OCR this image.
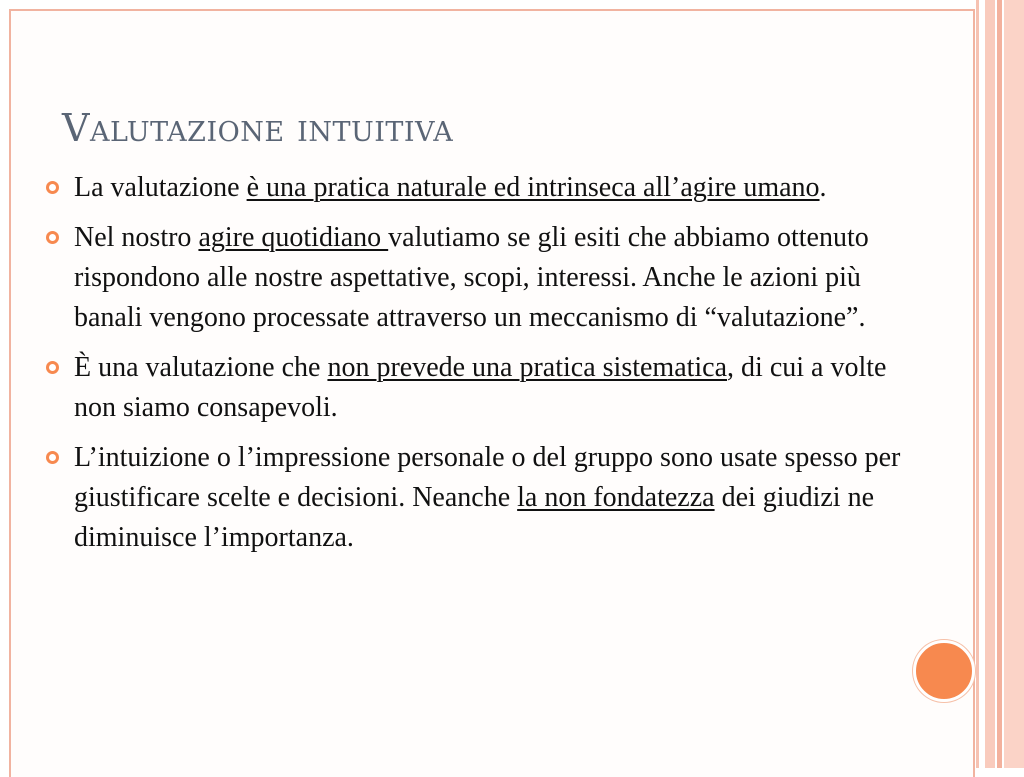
Valutazione intuitiva
La valutazione è una pratica naturale ed intrinseca all’agire umano.
Nel nostro agire quotidiano valutiamo se gli esiti che abbiamo ottenuto rispondono alle nostre aspettative, scopi, interessi. Anche le azioni più banali vengono processate attraverso un meccanismo di “valutazione”.
È una valutazione che non prevede una pratica sistematica, di cui a volte non siamo consapevoli.
L’intuizione o l’impressione personale o del gruppo sono usate spesso per giustificare scelte e decisioni. Neanche la non fondatezza dei giudizi ne diminuisce l’importanza.
